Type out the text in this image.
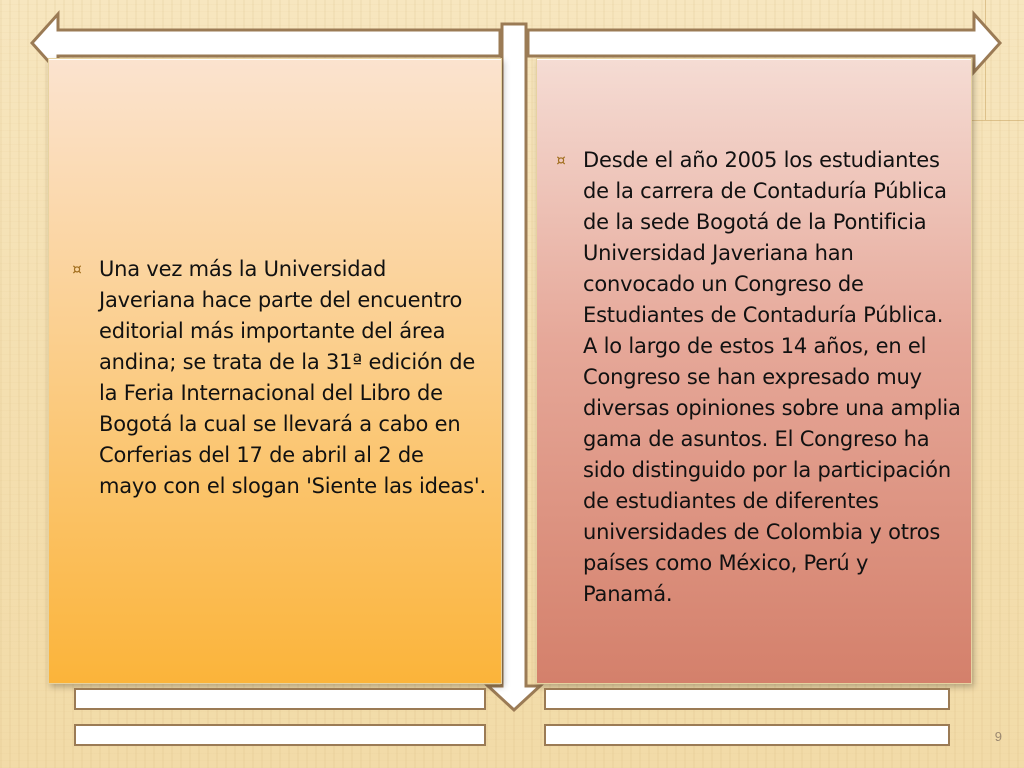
¤ Una vez más la Universidad Javeriana hace parte del encuentro editorial más importante del área andina; se trata de la 31ª edición de la Feria Internacional del Libro de Bogotá la cual se llevará a cabo en Corferias del 17 de abril al 2 de mayo con el slogan 'Siente las ideas'.
¤ Desde el año 2005 los estudiantes de la carrera de Contaduría Pública de la sede Bogotá de la Pontificia Universidad Javeriana han convocado un Congreso de Estudiantes de Contaduría Pública. A lo largo de estos 14 años, en el Congreso se han expresado muy diversas opiniones sobre una amplia gama de asuntos. El Congreso ha sido distinguido por la participación de estudiantes de diferentes universidades de Colombia y otros países como México, Perú y Panamá.
9
